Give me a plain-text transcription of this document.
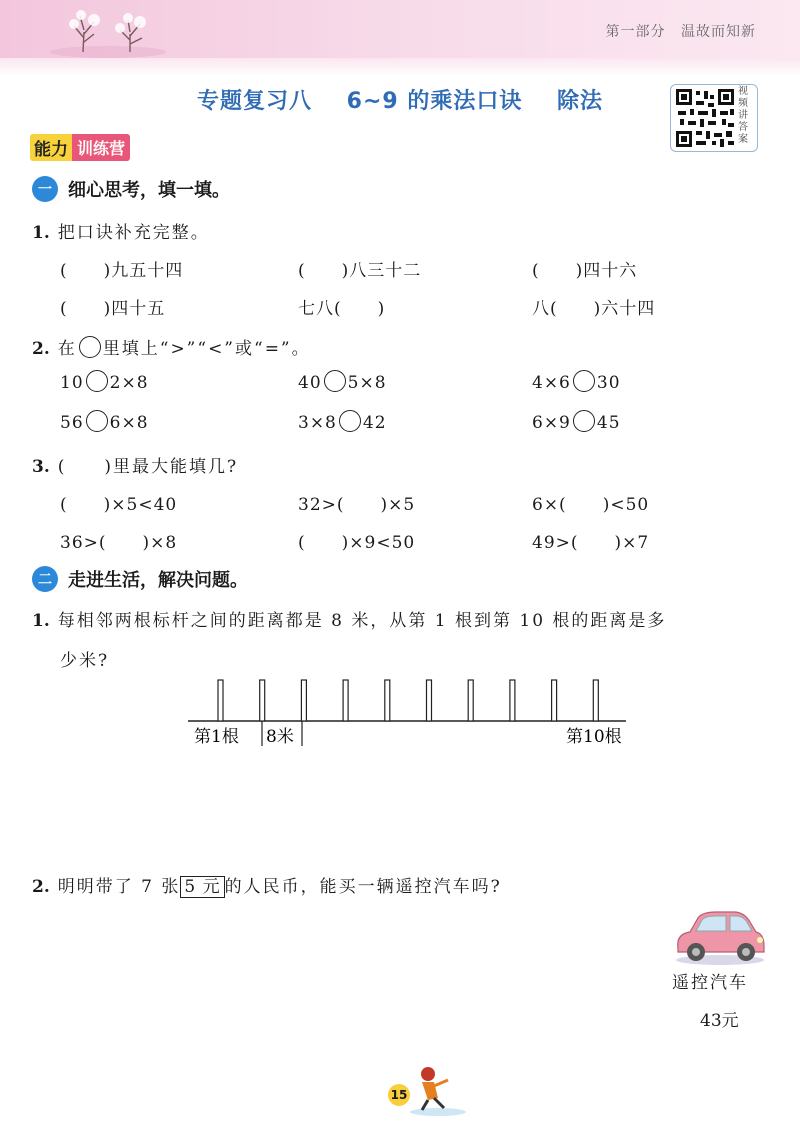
第一部分 温故而知新
专题复习八 6~9 的乘法口诀 除法	视频讲答案
能力 训练营
一 细心思考，填一填。
1. 把口诀补充完整。
(　　)九五十四	(　　)八三十二	(　　)四十六
(　　)四十五	七八(　　)	八(　　)六十四
2. 在 里填上“>”“<”或“=”。
10 2×8	40 5×8	4×6 30
56 6×8	3×8 42	6×9 45
3. (　　)里最大能填几?
(　　)×5<40	32>(　　)×5	6×(　　)<50
36>(　　)×8	(　　)×9<50	49>(　　)×7
二 走进生活，解决问题。
1. 每相邻两根标杆之间的距离都是 8 米，从第 1 根到第 10 根的距离是多
少米?
第1根 8米	第10根
2. 明明带了 7 张 5 元 的人民币，能买一辆遥控汽车吗?
遥控汽车
43元
15
